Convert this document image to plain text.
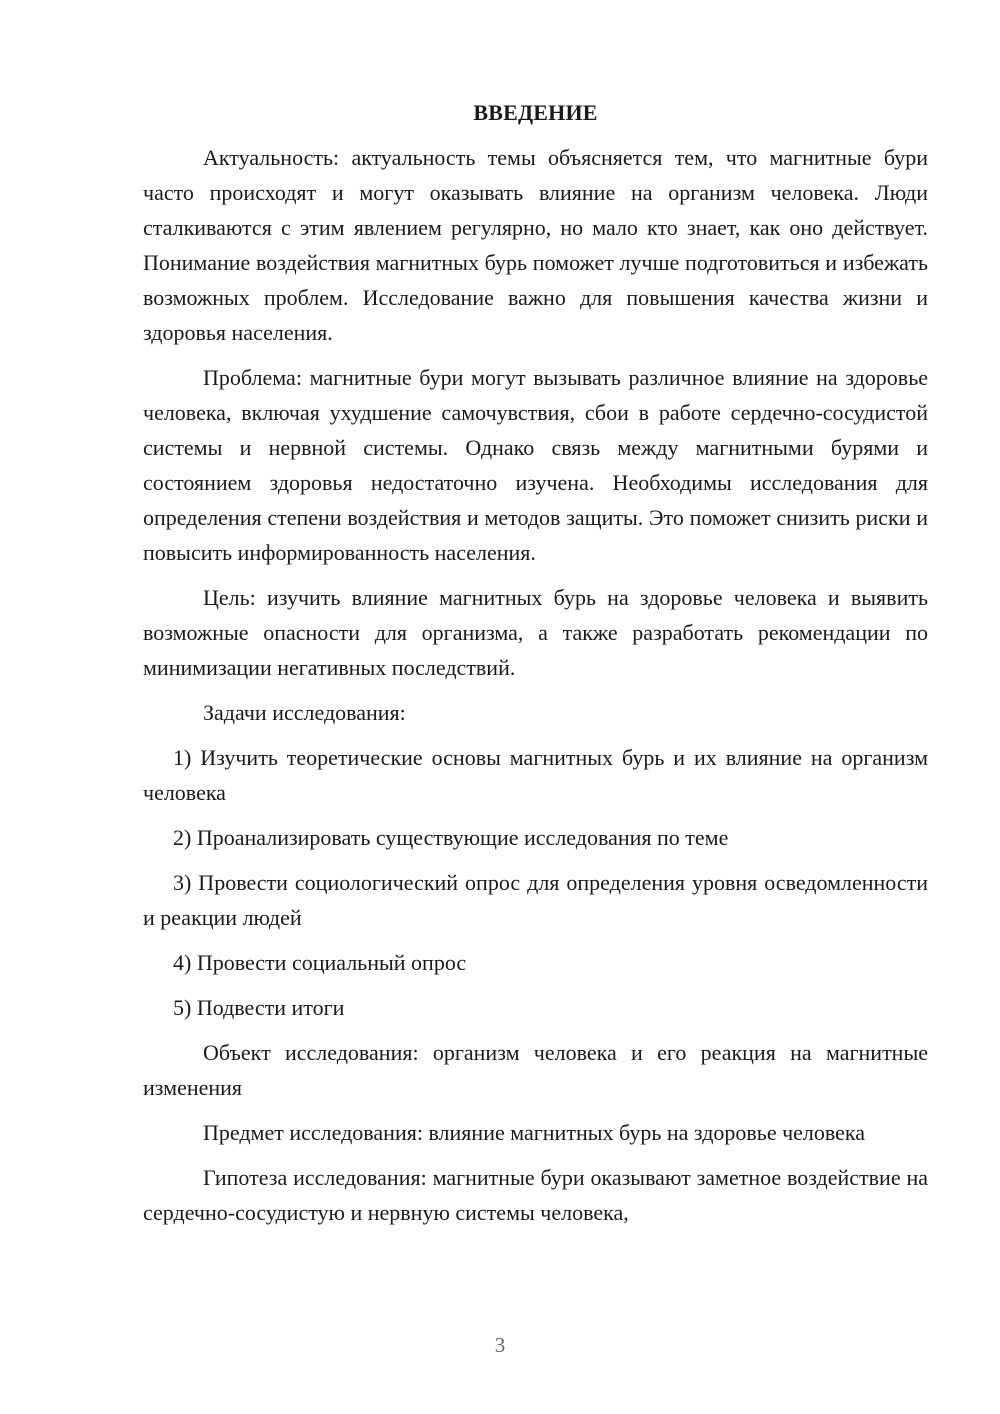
ВВЕДЕНИЕ

Актуальность: актуальность темы объясняется тем, что магнитные бури часто происходят и могут оказывать влияние на организм человека. Люди сталкиваются с этим явлением регулярно, но мало кто знает, как оно действует. Понимание воздействия магнитных бурь поможет лучше подготовиться и избежать возможных проблем. Исследование важно для повышения качества жизни и здоровья населения.

Проблема: магнитные бури могут вызывать различное влияние на здоровье человека, включая ухудшение самочувствия, сбои в работе сердечно-сосудистой системы и нервной системы. Однако связь между магнитными бурями и состоянием здоровья недостаточно изучена. Необходимы исследования для определения степени воздействия и методов защиты. Это поможет снизить риски и повысить информированность населения.

Цель: изучить влияние магнитных бурь на здоровье человека и выявить возможные опасности для организма, а также разработать рекомендации по минимизации негативных последствий.

Задачи исследования:

1) Изучить теоретические основы магнитных бурь и их влияние на организм человека

2) Проанализировать существующие исследования по теме

3) Провести социологический опрос для определения уровня осведомленности и реакции людей

4) Провести социальный опрос

5) Подвести итоги

Объект исследования: организм человека и его реакция на магнитные изменения

Предмет исследования: влияние магнитных бурь на здоровье человека

Гипотеза исследования: магнитные бури оказывают заметное воздействие на сердечно-сосудистую и нервную системы человека,

3
